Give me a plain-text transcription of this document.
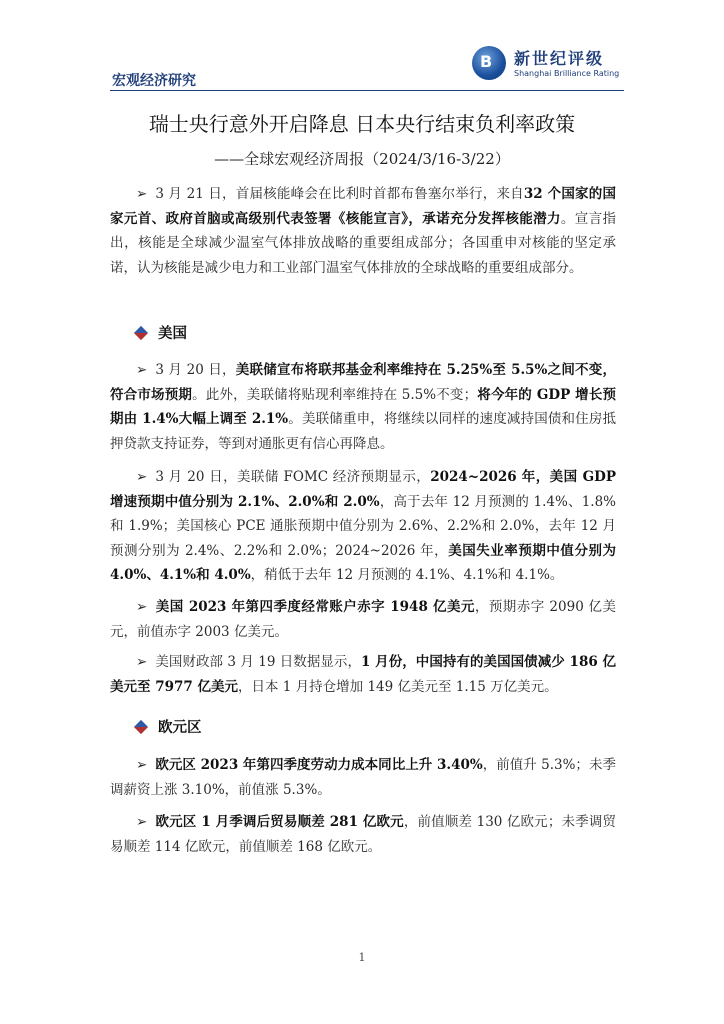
宏观经济研究
B 新世纪评级
Shanghai Brilliance Rating
瑞士央行意外开启降息 日本央行结束负利率政策
——全球宏观经济周报（2024/3/16-3/22）
➢ 3 月 21 日，首届核能峰会在比利时首都布鲁塞尔举行，来自32 个国家的国家元首、政府首脑或高级别代表签署《核能宣言》，承诺充分发挥核能潜力。宣言指出，核能是全球减少温室气体排放战略的重要组成部分；各国重申对核能的坚定承诺，认为核能是减少电力和工业部门温室气体排放的全球战略的重要组成部分。
美国
➢ 3 月 20 日，美联储宣布将联邦基金利率维持在 5.25%至 5.5%之间不变，符合市场预期。此外，美联储将贴现利率维持在 5.5%不变；将今年的 GDP 增长预期由 1.4%大幅上调至 2.1%。美联储重申，将继续以同样的速度减持国债和住房抵押贷款支持证券，等到对通胀更有信心再降息。
➢ 3 月 20 日，美联储 FOMC 经济预期显示，2024~2026 年，美国 GDP 增速预期中值分别为 2.1%、2.0%和 2.0%，高于去年 12 月预测的 1.4%、1.8%和 1.9%；美国核心 PCE 通胀预期中值分别为 2.6%、2.2%和 2.0%，去年 12 月预测分别为 2.4%、2.2%和 2.0%；2024~2026 年，美国失业率预期中值分别为 4.0%、4.1%和 4.0%，稍低于去年 12 月预测的 4.1%、4.1%和 4.1%。
➢ 美国 2023 年第四季度经常账户赤字 1948 亿美元，预期赤字 2090 亿美元，前值赤字 2003 亿美元。
➢ 美国财政部 3 月 19 日数据显示，1 月份，中国持有的美国国债减少 186 亿美元至 7977 亿美元，日本 1 月持仓增加 149 亿美元至 1.15 万亿美元。
欧元区
➢ 欧元区 2023 年第四季度劳动力成本同比上升 3.40%，前值升 5.3%；未季调薪资上涨 3.10%，前值涨 5.3%。
➢ 欧元区 1 月季调后贸易顺差 281 亿欧元，前值顺差 130 亿欧元；未季调贸易顺差 114 亿欧元，前值顺差 168 亿欧元。
1
